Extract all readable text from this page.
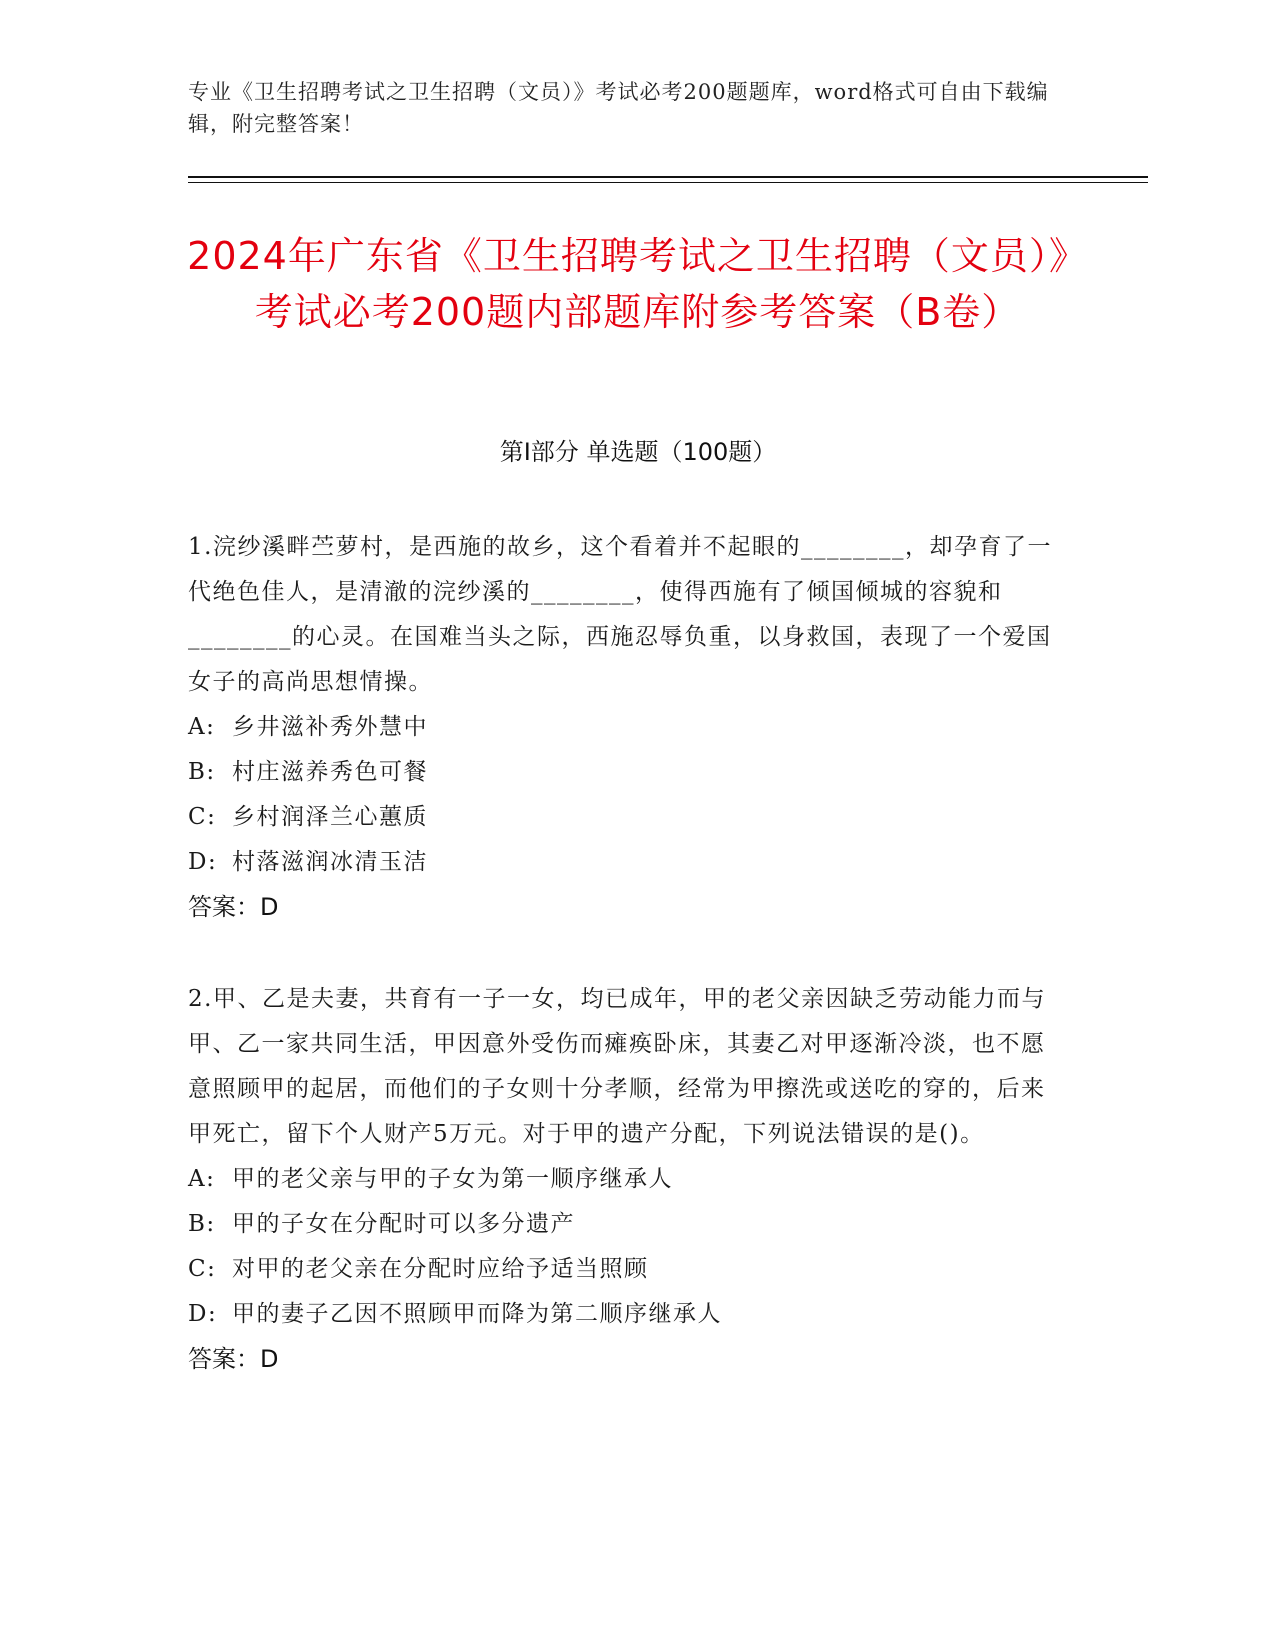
专业《卫生招聘考试之卫生招聘（文员）》考试必考200题题库，word格式可自由下载编辑，附完整答案！
2024年广东省《卫生招聘考试之卫生招聘（文员）》考试必考200题内部题库附参考答案（B卷）
第Ⅰ部分 单选题（100题）

1.浣纱溪畔苎萝村，是西施的故乡，这个看着并不起眼的________，却孕育了一代绝色佳人，是清澈的浣纱溪的________，使得西施有了倾国倾城的容貌和________的心灵。在国难当头之际，西施忍辱负重，以身救国，表现了一个爱国女子的高尚思想情操。

A: 乡井滋补秀外慧中

B: 村庄滋养秀色可餐

C: 乡村润泽兰心蕙质

D: 村落滋润冰清玉洁

答案：D

2.甲、乙是夫妻，共育有一子一女，均已成年，甲的老父亲因缺乏劳动能力而与甲、乙一家共同生活，甲因意外受伤而瘫痪卧床，其妻乙对甲逐渐冷淡，也不愿意照顾甲的起居，而他们的子女则十分孝顺，经常为甲擦洗或送吃的穿的，后来甲死亡，留下个人财产5万元。对于甲的遗产分配，下列说法错误的是()。

A: 甲的老父亲与甲的子女为第一顺序继承人

B: 甲的子女在分配时可以多分遗产

C: 对甲的老父亲在分配时应给予适当照顾

D: 甲的妻子乙因不照顾甲而降为第二顺序继承人

答案：D
